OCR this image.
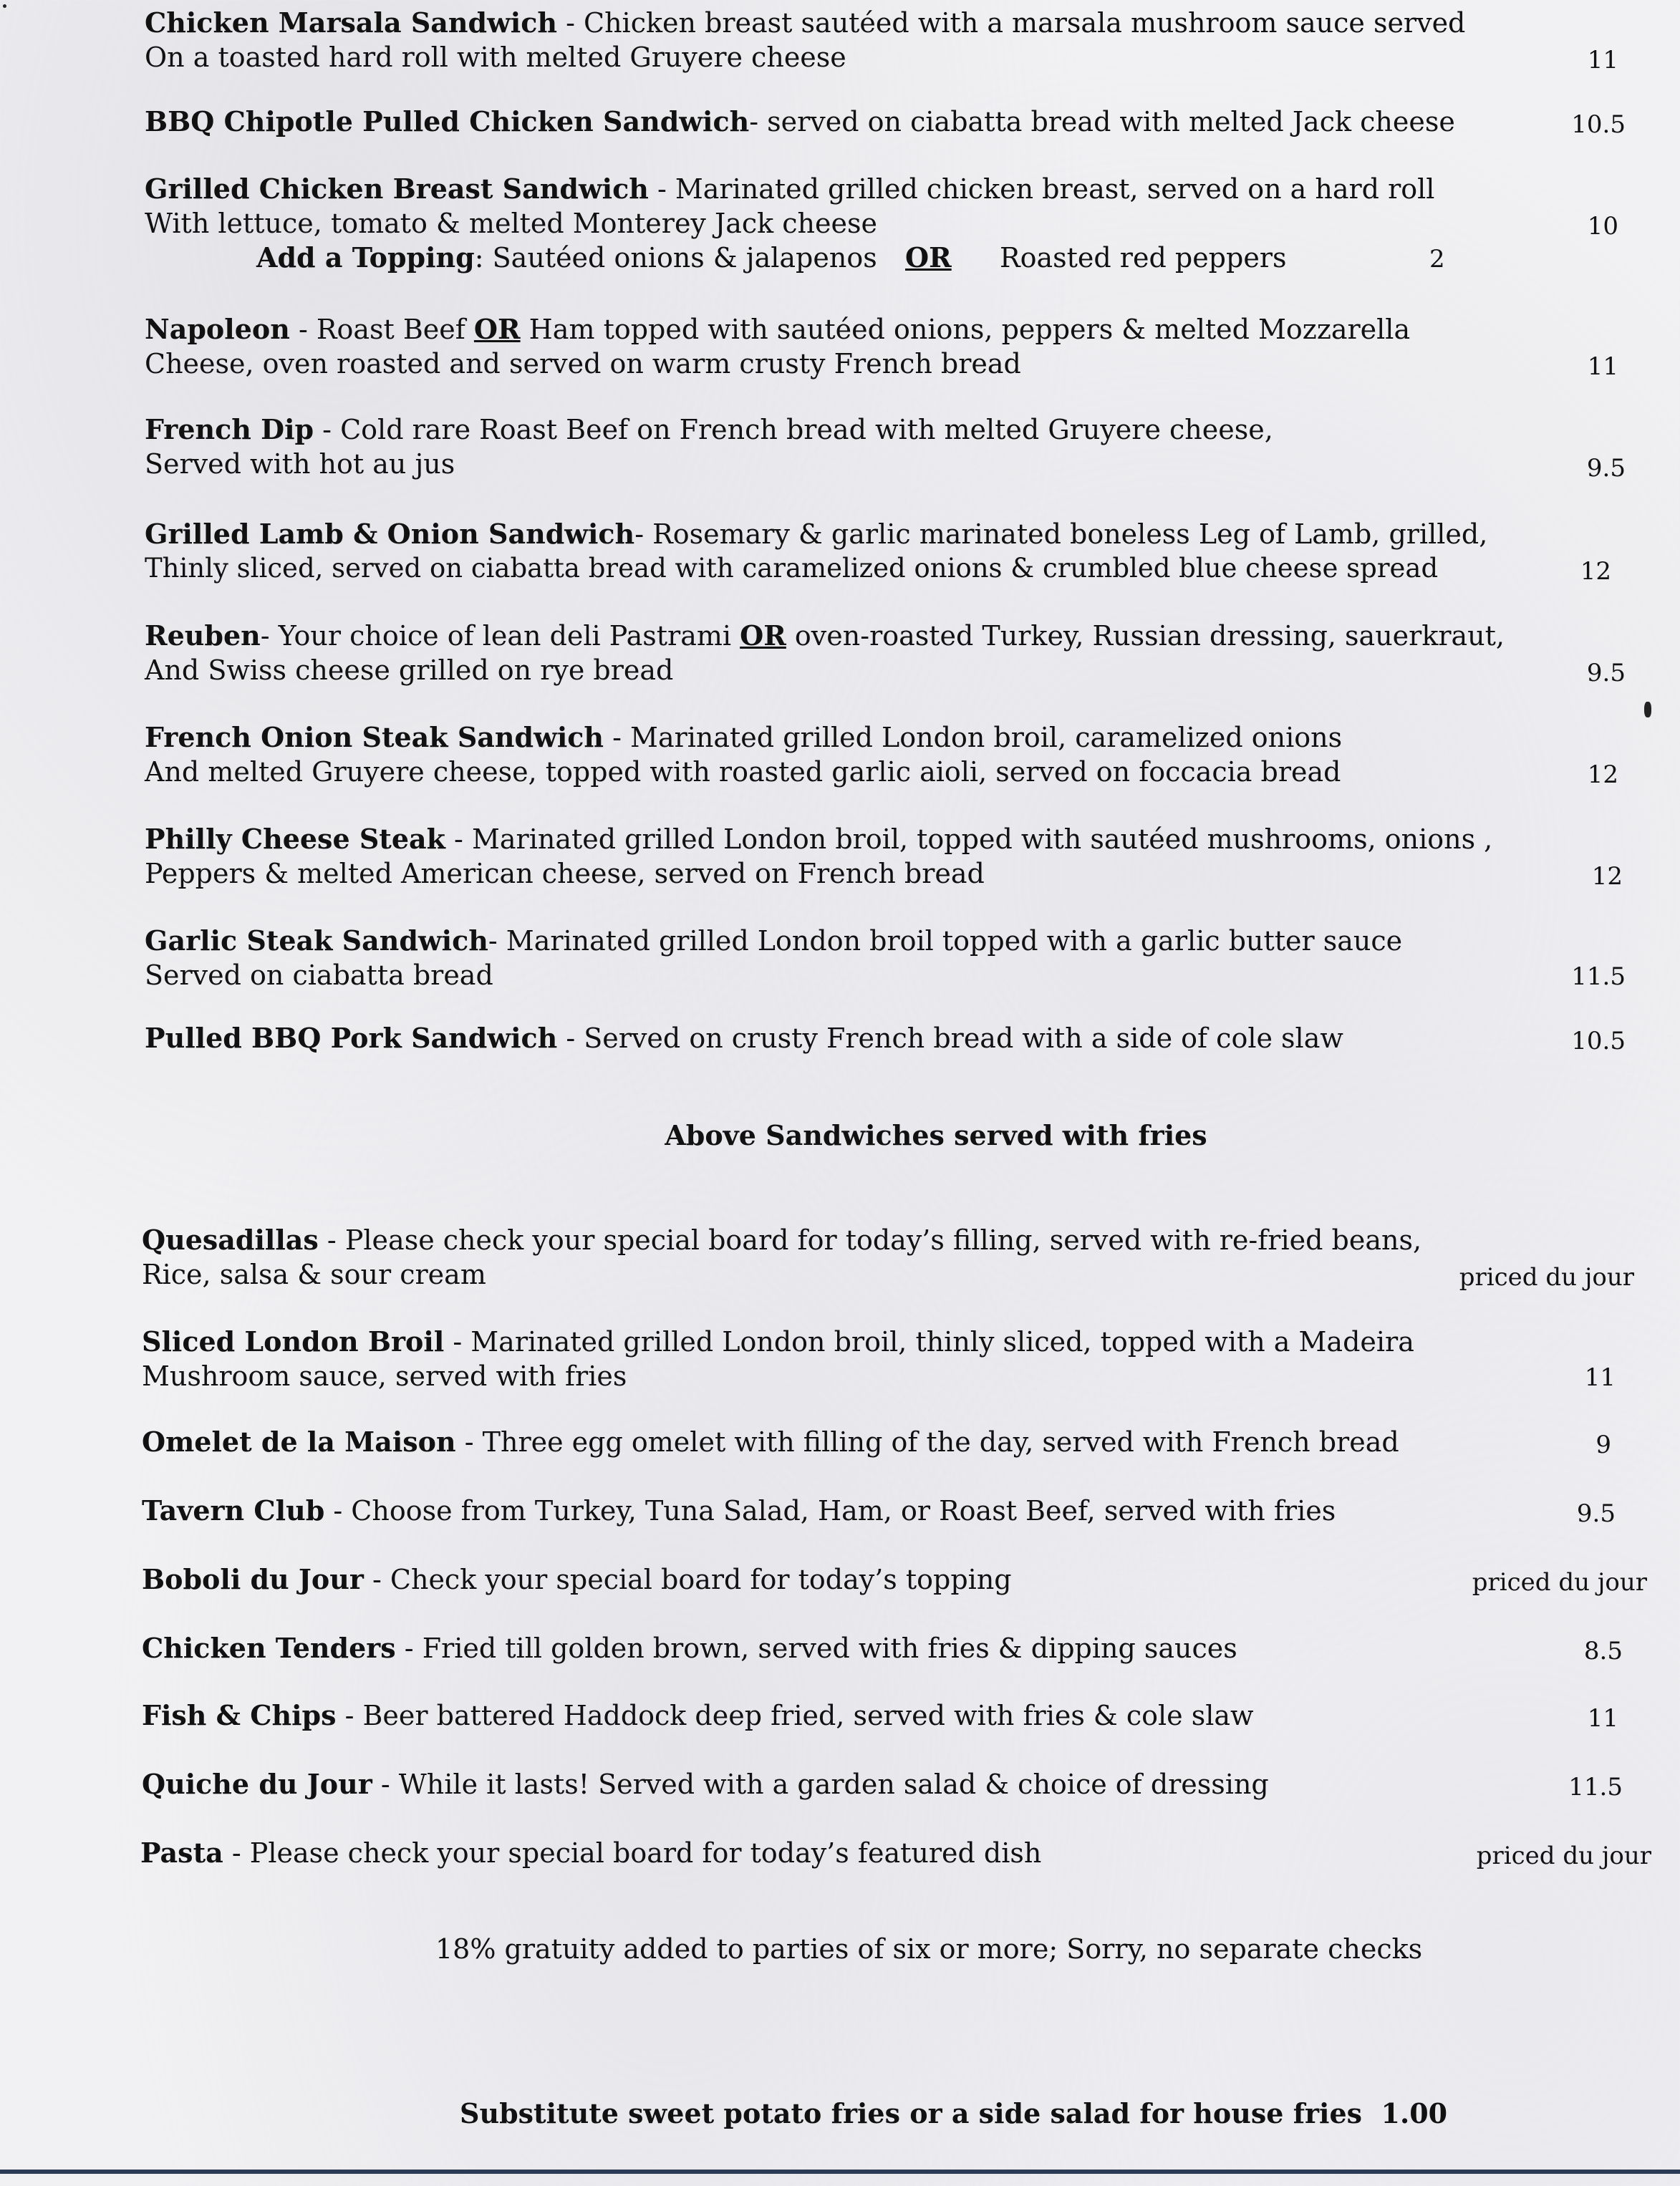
Chicken Marsala Sandwich - Chicken breast sautéed with a marsala mushroom sauce served
On a toasted hard roll with melted Gruyere cheese	11
BBQ Chipotle Pulled Chicken Sandwich- served on ciabatta bread with melted Jack cheese	10.5
Grilled Chicken Breast Sandwich - Marinated grilled chicken breast, served on a hard roll
With lettuce, tomato & melted Monterey Jack cheese	10
Add a Topping: Sautéed onions & jalapenos OR Roasted red peppers	2
Napoleon - Roast Beef OR Ham topped with sautéed onions, peppers & melted Mozzarella
Cheese, oven roasted and served on warm crusty French bread	11
French Dip - Cold rare Roast Beef on French bread with melted Gruyere cheese,
Served with hot au jus	9.5
Grilled Lamb & Onion Sandwich- Rosemary & garlic marinated boneless Leg of Lamb, grilled,
Thinly sliced, served on ciabatta bread with caramelized onions & crumbled blue cheese spread	12
Reuben- Your choice of lean deli Pastrami OR oven-roasted Turkey, Russian dressing, sauerkraut,
And Swiss cheese grilled on rye bread	9.5
French Onion Steak Sandwich - Marinated grilled London broil, caramelized onions
And melted Gruyere cheese, topped with roasted garlic aioli, served on foccacia bread	12
Philly Cheese Steak - Marinated grilled London broil, topped with sautéed mushrooms, onions ,
Peppers & melted American cheese, served on French bread	12
Garlic Steak Sandwich- Marinated grilled London broil topped with a garlic butter sauce
Served on ciabatta bread	11.5
Pulled BBQ Pork Sandwich - Served on crusty French bread with a side of cole slaw	10.5
Above Sandwiches served with fries
Quesadillas - Please check your special board for today’s filling, served with re-fried beans,
Rice, salsa & sour cream	priced du jour
Sliced London Broil - Marinated grilled London broil, thinly sliced, topped with a Madeira
Mushroom sauce, served with fries	11
Omelet de la Maison - Three egg omelet with filling of the day, served with French bread	9
Tavern Club - Choose from Turkey, Tuna Salad, Ham, or Roast Beef, served with fries	9.5
Boboli du Jour - Check your special board for today’s topping	priced du jour
Chicken Tenders - Fried till golden brown, served with fries & dipping sauces	8.5
Fish & Chips - Beer battered Haddock deep fried, served with fries & cole slaw	11
Quiche du Jour - While it lasts! Served with a garden salad & choice of dressing	11.5
Pasta - Please check your special board for today’s featured dish	priced du jour
18% gratuity added to parties of six or more; Sorry, no separate checks
Substitute sweet potato fries or a side salad for house fries 1.00
